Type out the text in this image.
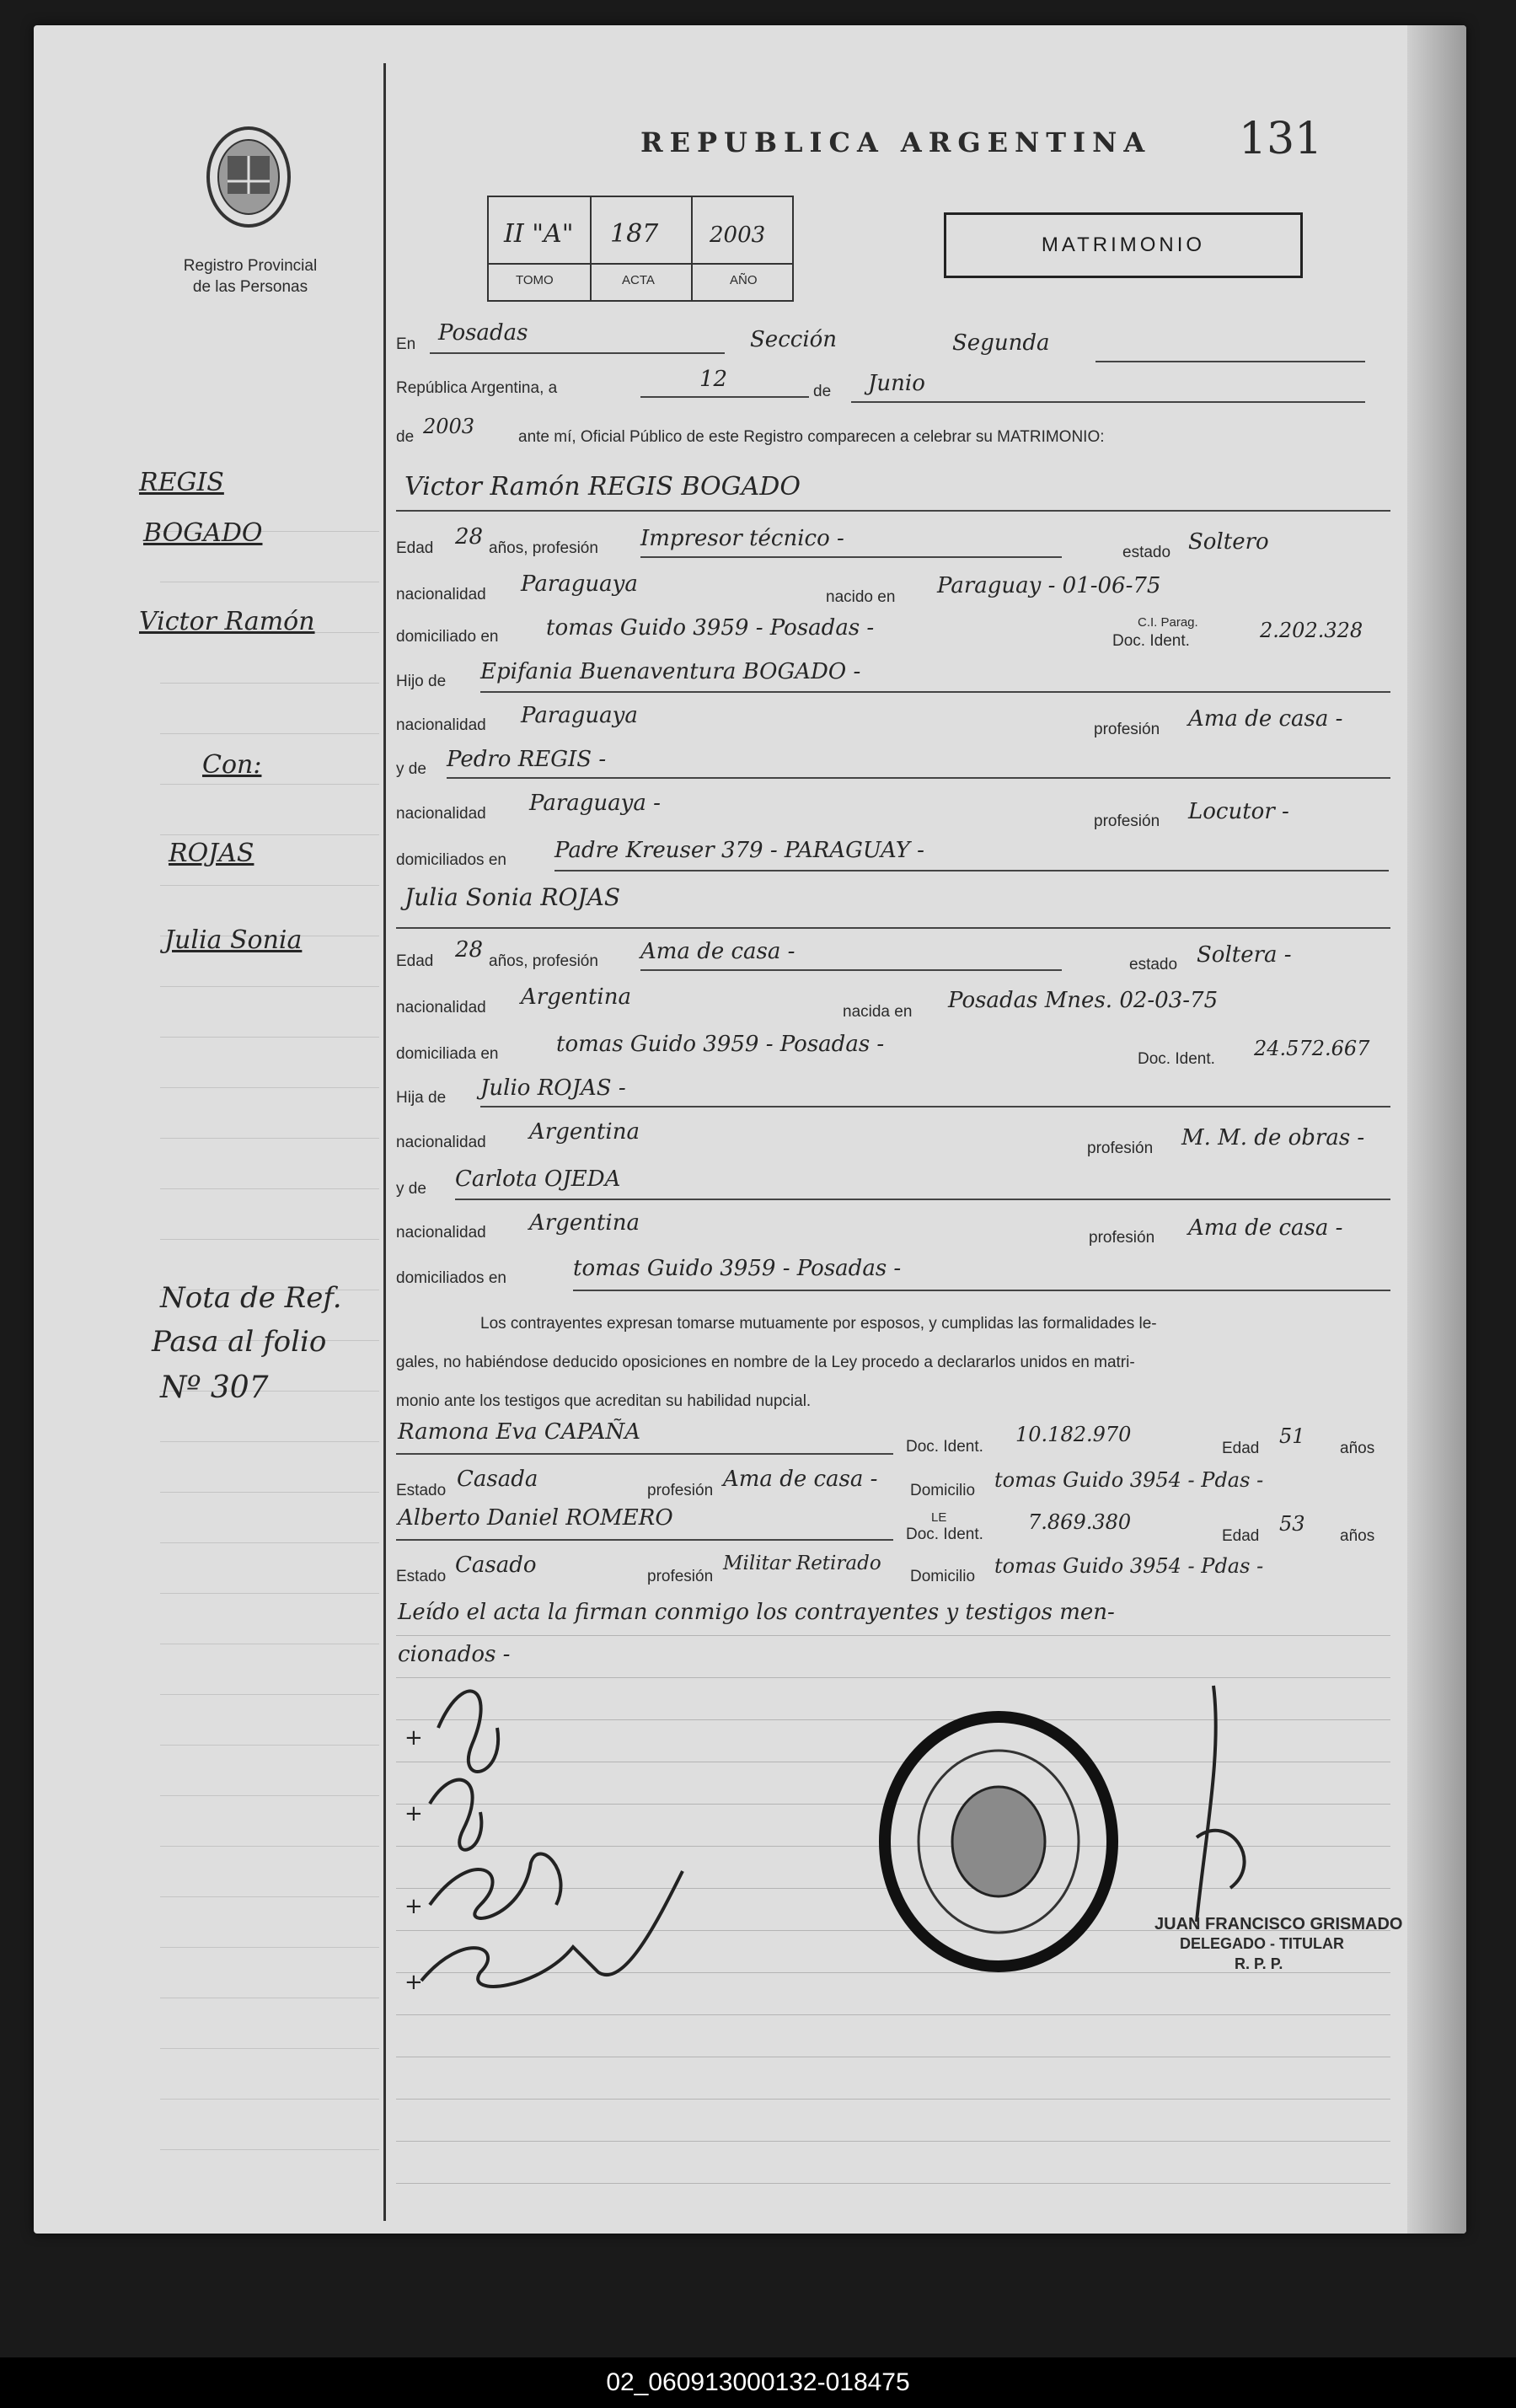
Registro Provincial
de las Personas
REPUBLICA ARGENTINA 131
II "A" 187 2003
TOMO	ACTA	AÑO
MATRIMONIO
En Posadas	Sección	Segunda
República Argentina, a	12	de Junio
de 2003	ante mí, Oficial Público de este Registro comparecen a celebrar su MATRIMONIO:
Victor Ramón REGIS BOGADO
Edad 28 años, profesión Impresor técnico -
estado Soltero
nacionalidad Paraguaya
nacido en Paraguay - 01-06-75
domiciliado en tomas Guido 3959 - Posadas -	C.I. Parag.
Doc. Ident.	2.202.328
Hijo de Epifania Buenaventura BOGADO -
nacionalidad Paraguaya
profesión Ama de casa -
y de Pedro REGIS -
nacionalidad Paraguaya -
profesión Locutor -
domiciliados en Padre Kreuser 379 - PARAGUAY -
Julia Sonia ROJAS
Edad 28 años, profesión Ama de casa -
estado Soltera -
nacionalidad Argentina
nacida en Posadas Mnes. 02-03-75
domiciliada en	tomas Guido 3959 - Posadas -
Doc. Ident. 24.572.667
Hija de Julio ROJAS -
nacionalidad Argentina
profesión M. M. de obras -
y de Carlota OJEDA
nacionalidad Argentina
profesión Ama de casa -
domiciliados en	tomas Guido 3959 - Posadas -
Los contrayentes expresan tomarse mutuamente por esposos, y cumplidas las formalidades le-
gales, no habiéndose deducido oposiciones en nombre de la Ley procedo a declararlos unidos en matri-
monio ante los testigos que acreditan su habilidad nupcial.
Ramona Eva CAPAÑA
Doc. Ident.
10.182.970
Edad
51
años
Estado Casada	profesión Ama de casa - Domicilio tomas Guido 3954 - Pdas -
Alberto Daniel ROMERO	LE
Doc. Ident.
7.869.380
Edad
53
años
Estado Casado	profesión
Militar Retirado
Domicilio tomas Guido 3954 - Pdas -
Leído el acta la firman conmigo los contrayentes y testigos men-
cionados -
REGIS
BOGADO
Victor Ramón
Con:
ROJAS
Julia Sonia
Nota de Ref.
Pasa al folio
Nº 307
+
+
+
+
JUAN FRANCISCO GRISMADO
DELEGADO - TITULAR
R. P. P.
02_060913000132-018475
